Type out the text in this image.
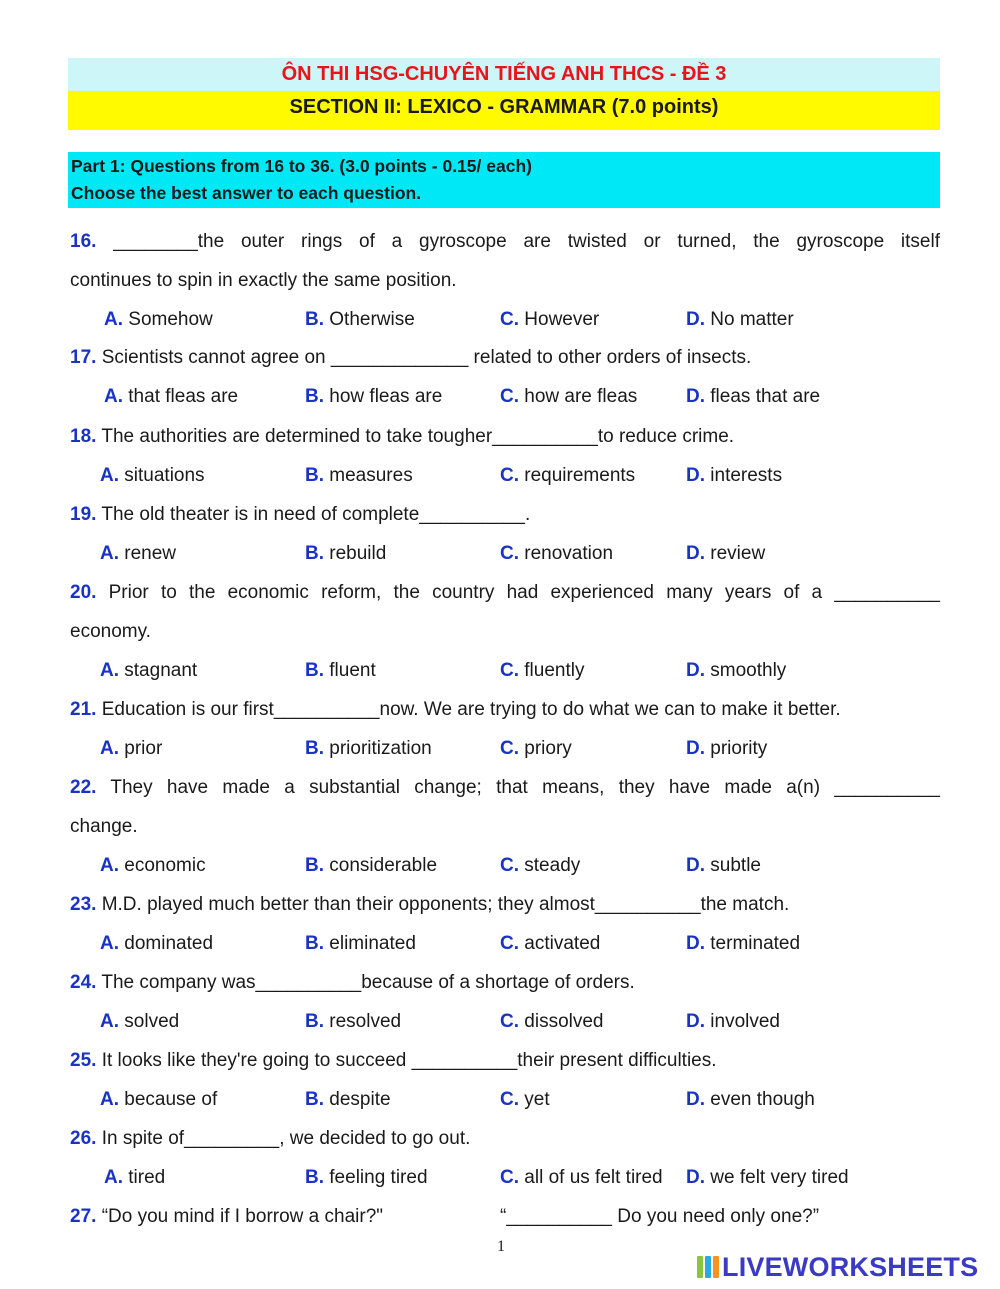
ÔN THI HSG-CHUYÊN TIẾNG ANH THCS - ĐỀ 3
SECTION II: LEXICO - GRAMMAR (7.0 points)
Part 1: Questions from 16 to 36. (3.0 points - 0.15/ each)
Choose the best answer to each question.
16. ________the outer rings of a gyroscope are twisted or turned, the gyroscope itself
continues to spin in exactly the same position.
A. Somehow	B. Otherwise	C. However	D. No matter
17. Scientists cannot agree on _____________ related to other orders of insects.
A. that fleas are	B. how fleas are	C. how are fleas	D. fleas that are
18. The authorities are determined to take tougher__________to reduce crime.
A. situations	B. measures	C. requirements	D. interests
19. The old theater is in need of complete__________.
A. renew	B. rebuild	C. renovation	D. review
20. Prior to the economic reform, the country had experienced many years of a __________
economy.
A. stagnant	B. fluent	C. fluently	D. smoothly
21. Education is our first__________now. We are trying to do what we can to make it better.
A. prior	B. prioritization	C. priory	D. priority
22. They have made a substantial change; that means, they have made a(n) __________
change.
A. economic	B. considerable	C. steady	D. subtle
23. M.D. played much better than their opponents; they almost__________the match.
A. dominated	B. eliminated	C. activated	D. terminated
24. The company was__________because of a shortage of orders.
A. solved	B. resolved	C. dissolved	D. involved
25. It looks like they're going to succeed __________their present difficulties.
A. because of	B. despite	C. yet	D. even though
26. In spite of_________, we decided to go out.
A. tired	B. feeling tired	C. all of us felt tired D. we felt very tired
27. “Do you mind if I borrow a chair?"	“__________ Do you need only one?”
1
LIVEWORKSHEETS
